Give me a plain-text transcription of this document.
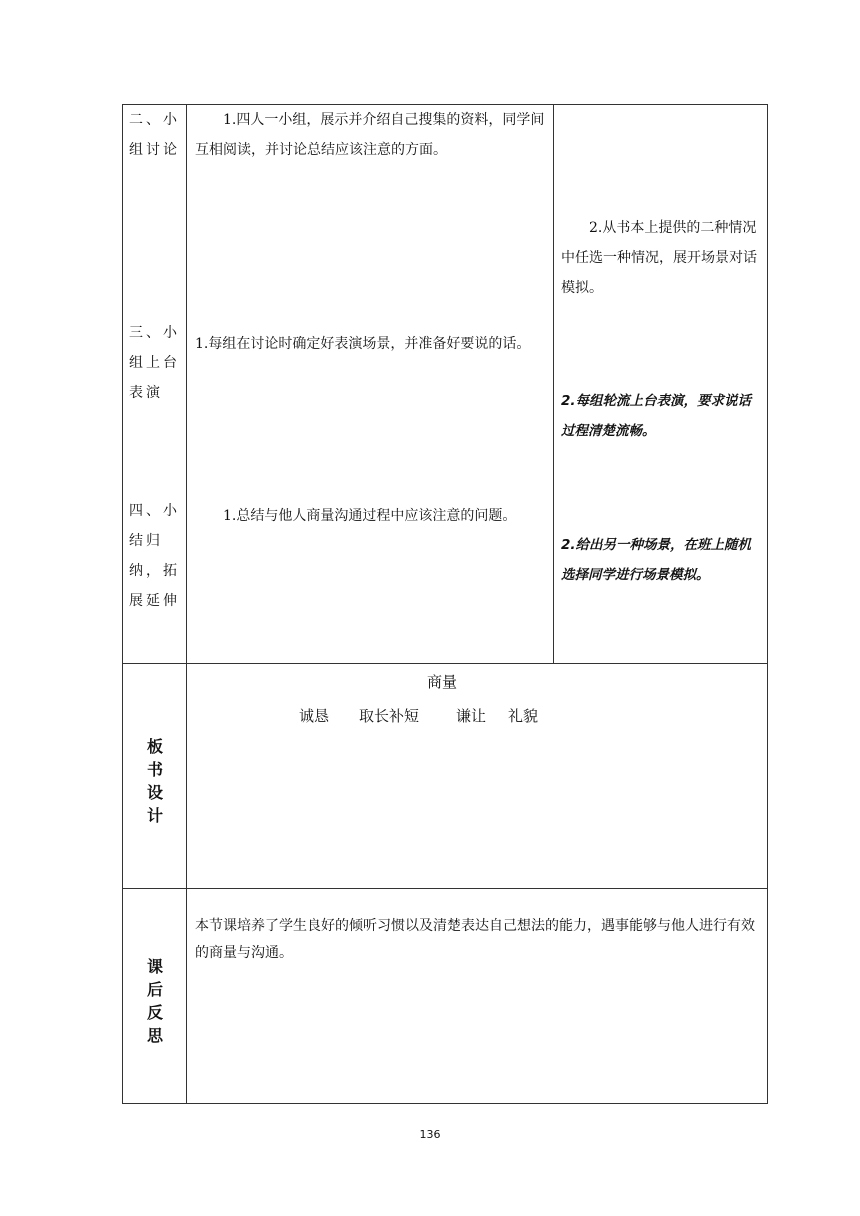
二、小组讨论
三、小组上台表演
四、小结归纳，拓展延伸
1.四人一小组，展示并介绍自己搜集的资料，同学间互相阅读，并讨论总结应该注意的方面。
1.每组在讨论时确定好表演场景，并准备好要说的话。
1.总结与他人商量沟通过程中应该注意的问题。
2.从书本上提供的二种情况中任选一种情况，展开场景对话模拟。
2.每组轮流上台表演，要求说话过程清楚流畅。
2.给出另一种场景，在班上随机选择同学进行场景模拟。
板书设计
商量
诚恳 取长补短 谦让 礼貌
课后反思
本节课培养了学生良好的倾听习惯以及清楚表达自己想法的能力，遇事能够与他人进行有效的商量与沟通。
136
